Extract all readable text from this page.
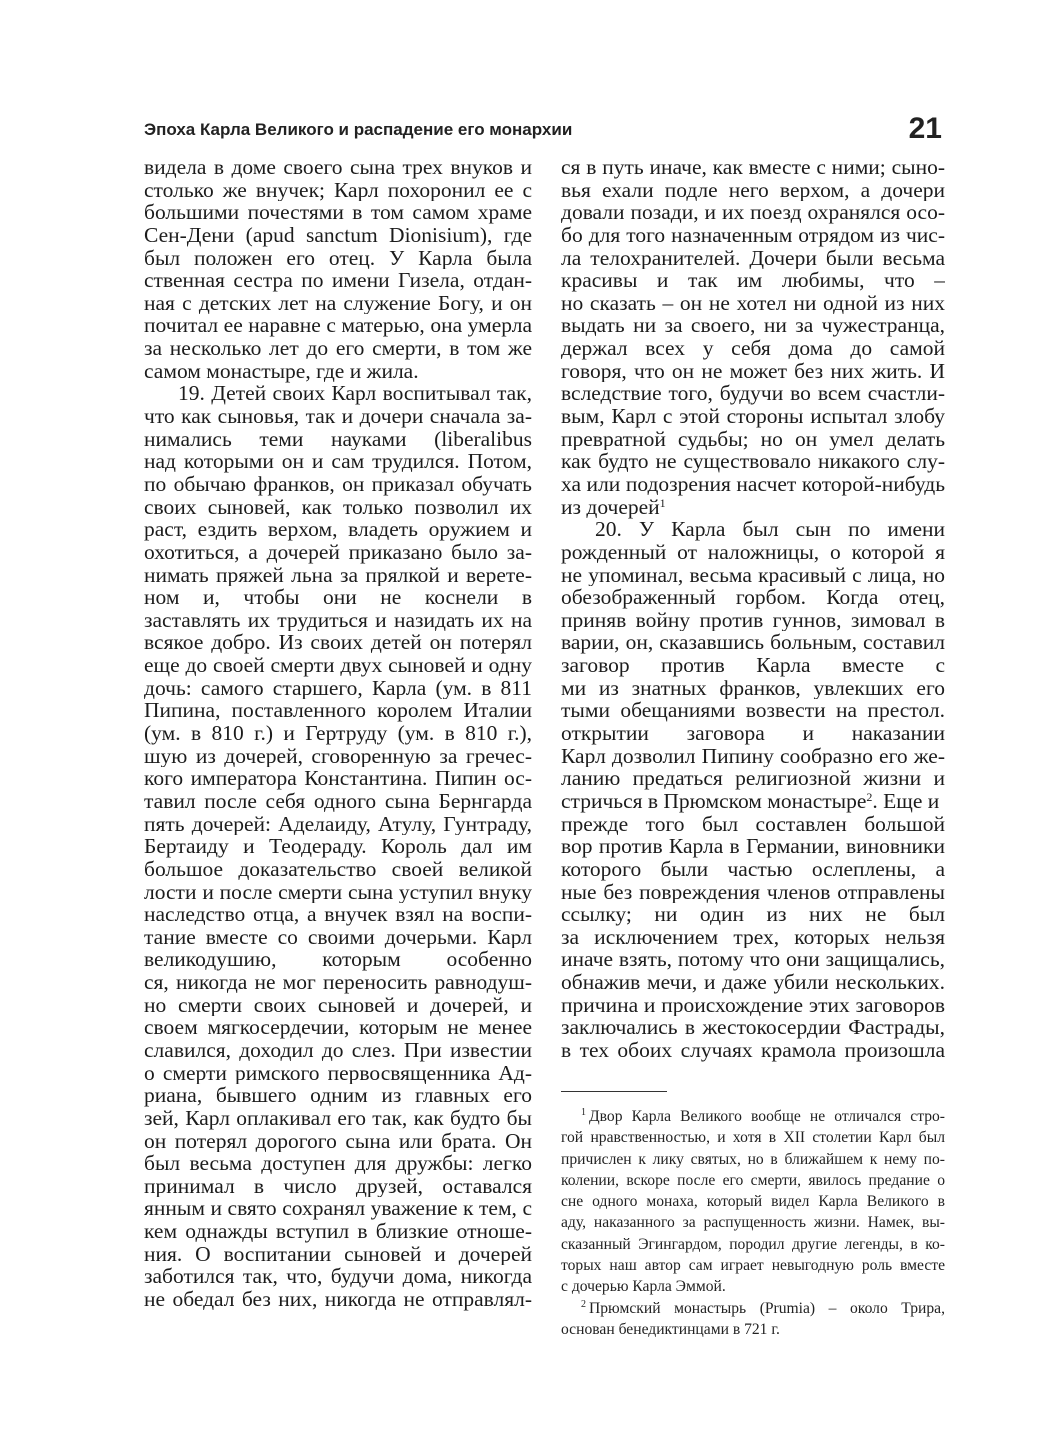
Эпоха Карла Великого и распадение его монархии	21
видела в доме своего сына трех внуков и
столько же внучек; Карл похоронил ее с
большими почестями в том самом храме
Сен-Дени (apud sanctum Dionisium), где
был положен его отец. У Карла была
ственная сестра по имени Гизела, отдан-
ная с детских лет на служение Богу, и он
почитал ее наравне с матерью, она умерла
за несколько лет до его смерти, в том же
самом монастыре, где и жила.
19. Детей своих Карл воспитывал так,
что как сыновья, так и дочери сначала за-
нимались теми науками (liberalibus
над которыми он и сам трудился. Потом,
по обычаю франков, он приказал обучать
своих сыновей, как только позволил их
раст, ездить верхом, владеть оружием и
охотиться, а дочерей приказано было за-
нимать пряжей льна за прялкой и верете-
ном и, чтобы они не коснели в
заставлять их трудиться и назидать их на
всякое добро. Из своих детей он потерял
еще до своей смерти двух сыновей и одну
дочь: самого старшего, Карла (ум. в 811
Пипина, поставленного королем Италии
(ум. в 810 г.) и Гертруду (ум. в 810 г.),
шую из дочерей, сговоренную за гречес-
кого императора Константина. Пипин ос-
тавил после себя одного сына Бернгарда
пять дочерей: Аделаиду, Атулу, Гунтраду,
Бертаиду и Теодераду. Король дал им
большое доказательство своей великой
лости и после смерти сына уступил внуку
наследство отца, а внучек взял на воспи-
тание вместе со своими дочерьми. Карл
великодушию, которым особенно
ся, никогда не мог переносить равнодуш-
но смерти своих сыновей и дочерей, и
своем мягкосердечии, которым не менее
славился, доходил до слез. При известии
о смерти римского первосвященника Ад-
риана, бывшего одним из главных его
зей, Карл оплакивал его так, как будто бы
он потерял дорогого сына или брата. Он
был весьма доступен для дружбы: легко
принимал в число друзей, оставался
янным и свято сохранял уважение к тем, с
кем однажды вступил в близкие отноше-
ния. О воспитании сыновей и дочерей
заботился так, что, будучи дома, никогда
не обедал без них, никогда не отправлял-
ся в путь иначе, как вместе с ними; сыно-
вья ехали подле него верхом, а дочери
довали позади, и их поезд охранялся осо-
бо для того назначенным отрядом из чис-
ла телохранителей. Дочери были весьма
красивы и так им любимы, что –
но сказать – он не хотел ни одной из них
выдать ни за своего, ни за чужестранца,
держал всех у себя дома до самой
говоря, что он не может без них жить. И
вследствие того, будучи во всем счастли-
вым, Карл с этой стороны испытал злобу
превратной судьбы; но он умел делать
как будто не существовало никакого слу-
ха или подозрения насчет которой-нибудь
из дочерей$^1$
20. У Карла был сын по имени
рожденный от наложницы, о которой я
не упоминал, весьма красивый с лица, но
обезображенный горбом. Когда отец,
приняв войну против гуннов, зимовал в
варии, он, сказавшись больным, составил
заговор против Карла вместе с
ми из знатных франков, увлекших его
тыми обещаниями возвести на престол.
открытии заговора и наказании
Карл дозволил Пипину сообразно его же-
ланию предаться религиозной жизни и
стричься в Прюмском монастыре$^2$. Еще и
прежде того был составлен большой
вор против Карла в Германии, виновники
которого были частью ослеплены, а
ные без повреждения членов отправлены
ссылку; ни один из них не был
за исключением трех, которых нельзя
иначе взять, потому что они защищались,
обнажив мечи, и даже убили нескольких.
причина и происхождение этих заговоров
заключались в жестокосердии Фастрады,
в тех обоих случаях крамола произошла
$^1$ Двор Карла Великого вообще не отличался стро-
гой нравственностью, и хотя в XII столетии Карл был
причислен к лику святых, но в ближайшем к нему по-
колении, вскоре после его смерти, явилось предание о
сне одного монаха, который видел Карла Великого в
аду, наказанного за распущенность жизни. Намек, вы-
сказанный Эгингардом, породил другие легенды, в ко-
торых наш автор сам играет невыгодную роль вместе
с дочерью Карла Эммой.
$^2$ Прюмский монастырь (Prumia) – около Трира,
основан бенедиктинцами в 721 г.
